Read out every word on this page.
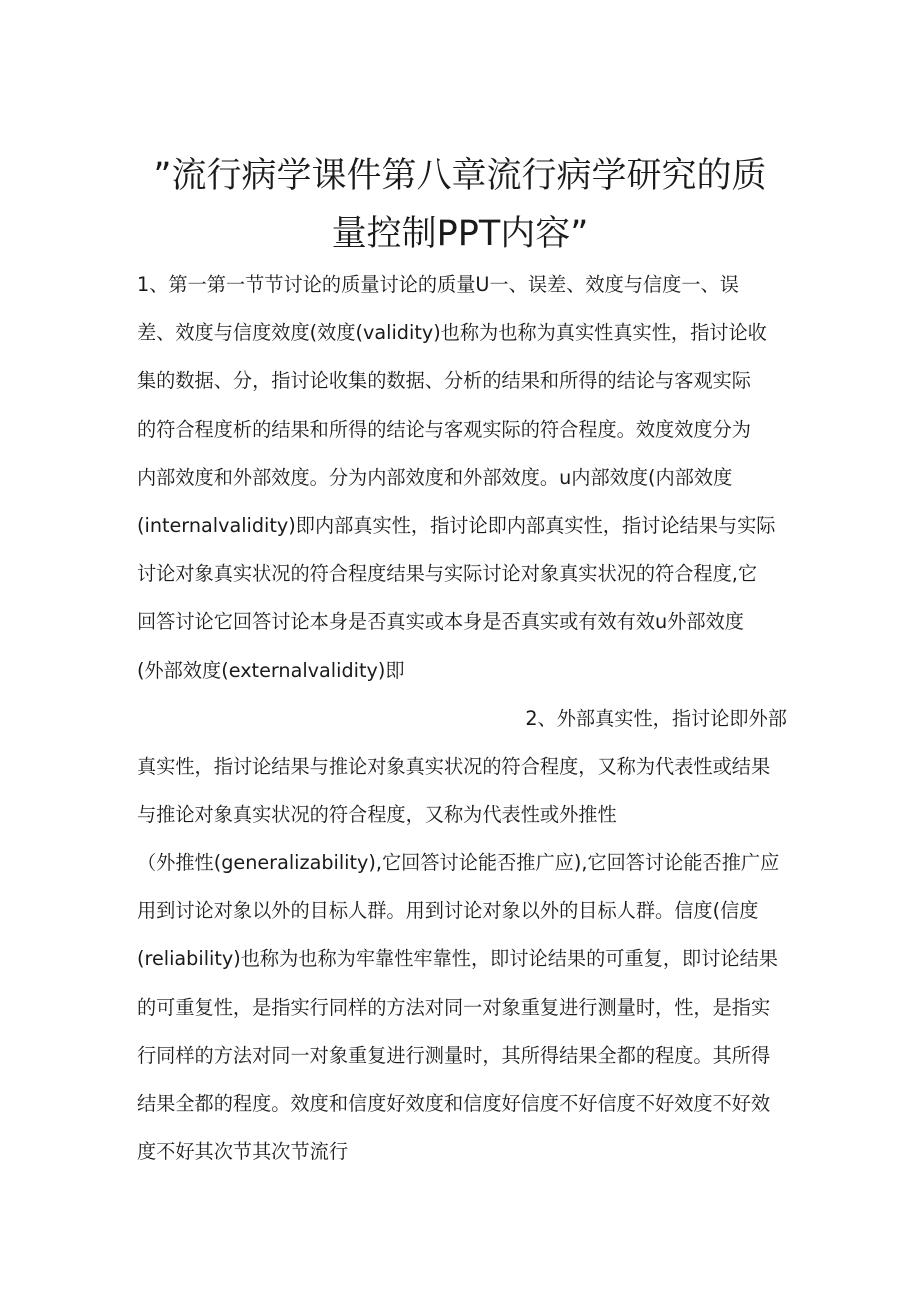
”流行病学课件第八章流行病学研究的质
量控制PPT内容”
1、第一第一节节讨论的质量讨论的质量U一、误差、效度与信度一、误
差、效度与信度效度(效度(validity)也称为也称为真实性真实性，指讨论收
集的数据、分，指讨论收集的数据、分析的结果和所得的结论与客观实际
的符合程度析的结果和所得的结论与客观实际的符合程度。效度效度分为
内部效度和外部效度。分为内部效度和外部效度。u内部效度(内部效度
(internalvalidity)即内部真实性，指讨论即内部真实性，指讨论结果与实际
讨论对象真实状况的符合程度结果与实际讨论对象真实状况的符合程度,它
回答讨论它回答讨论本身是否真实或本身是否真实或有效有效u外部效度
(外部效度(externalvalidity)即
2、外部真实性，指讨论即外部
真实性，指讨论结果与推论对象真实状况的符合程度，又称为代表性或结果
与推论对象真实状况的符合程度，又称为代表性或外推性
（外推性(generalizability),它回答讨论能否推广应),它回答讨论能否推广应
用到讨论对象以外的目标人群。用到讨论对象以外的目标人群。信度(信度
(reliability)也称为也称为牢靠性牢靠性，即讨论结果的可重复，即讨论结果
的可重复性，是指实行同样的方法对同一对象重复进行测量时，性，是指实
行同样的方法对同一对象重复进行测量时，其所得结果全都的程度。其所得
结果全都的程度。效度和信度好效度和信度好信度不好信度不好效度不好效
度不好其次节其次节流行
